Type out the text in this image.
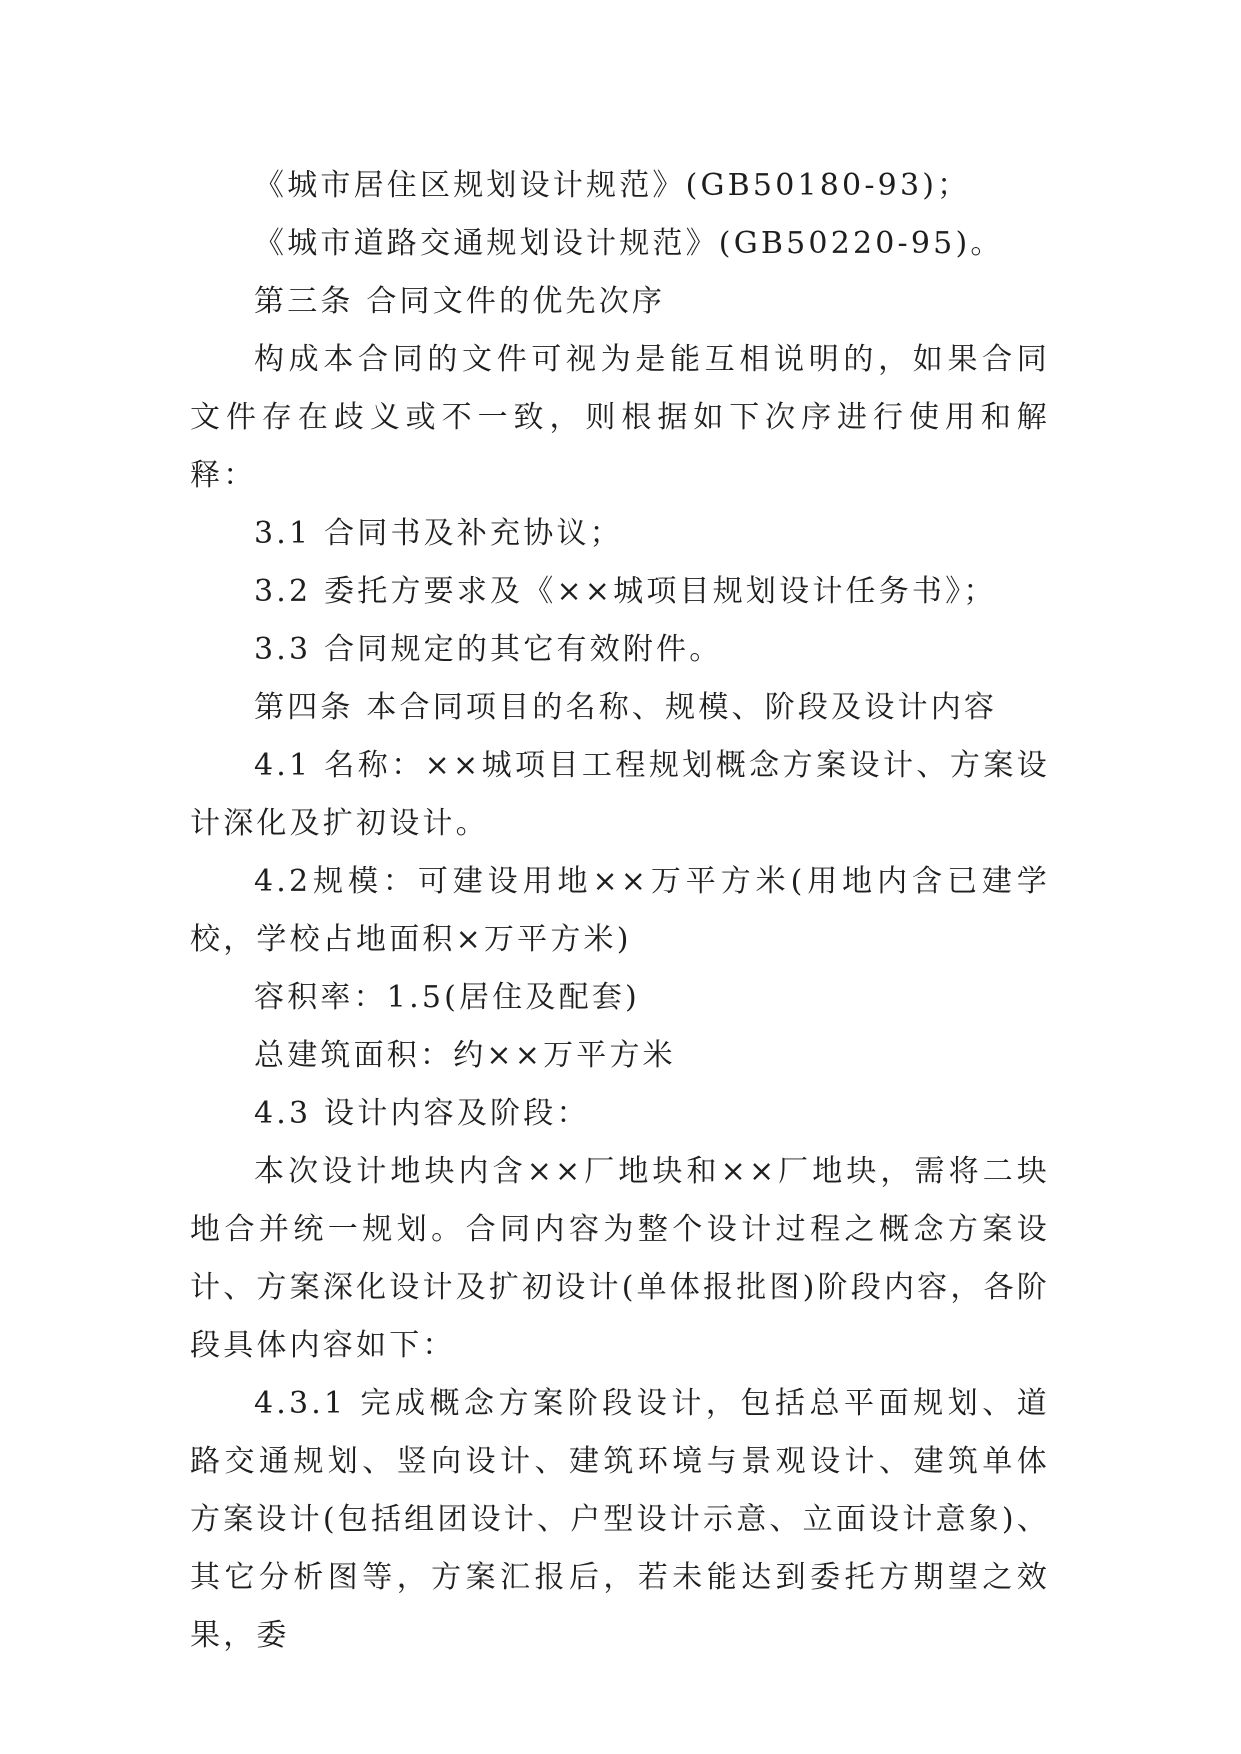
《城市居住区规划设计规范》(GB50180-93)；

《城市道路交通规划设计规范》(GB50220-95)。

第三条 合同文件的优先次序

构成本合同的文件可视为是能互相说明的，如果合同文件存在歧义或不一致，则根据如下次序进行使用和解释：

3.1 合同书及补充协议；

3.2 委托方要求及《××城项目规划设计任务书》；

3.3 合同规定的其它有效附件。

第四条 本合同项目的名称、规模、阶段及设计内容

4.1 名称：××城项目工程规划概念方案设计、方案设计深化及扩初设计。

4.2规模：可建设用地××万平方米(用地内含已建学校，学校占地面积×万平方米)

容积率：1.5(居住及配套)

总建筑面积：约××万平方米

4.3 设计内容及阶段：

本次设计地块内含××厂地块和××厂地块，需将二块地合并统一规划。合同内容为整个设计过程之概念方案设计、方案深化设计及扩初设计(单体报批图)阶段内容，各阶段具体内容如下：

4.3.1 完成概念方案阶段设计，包括总平面规划、道路交通规划、竖向设计、建筑环境与景观设计、建筑单体方案设计(包括组团设计、户型设计示意、立面设计意象)、其它分析图等，方案汇报后，若未能达到委托方期望之效果，委
